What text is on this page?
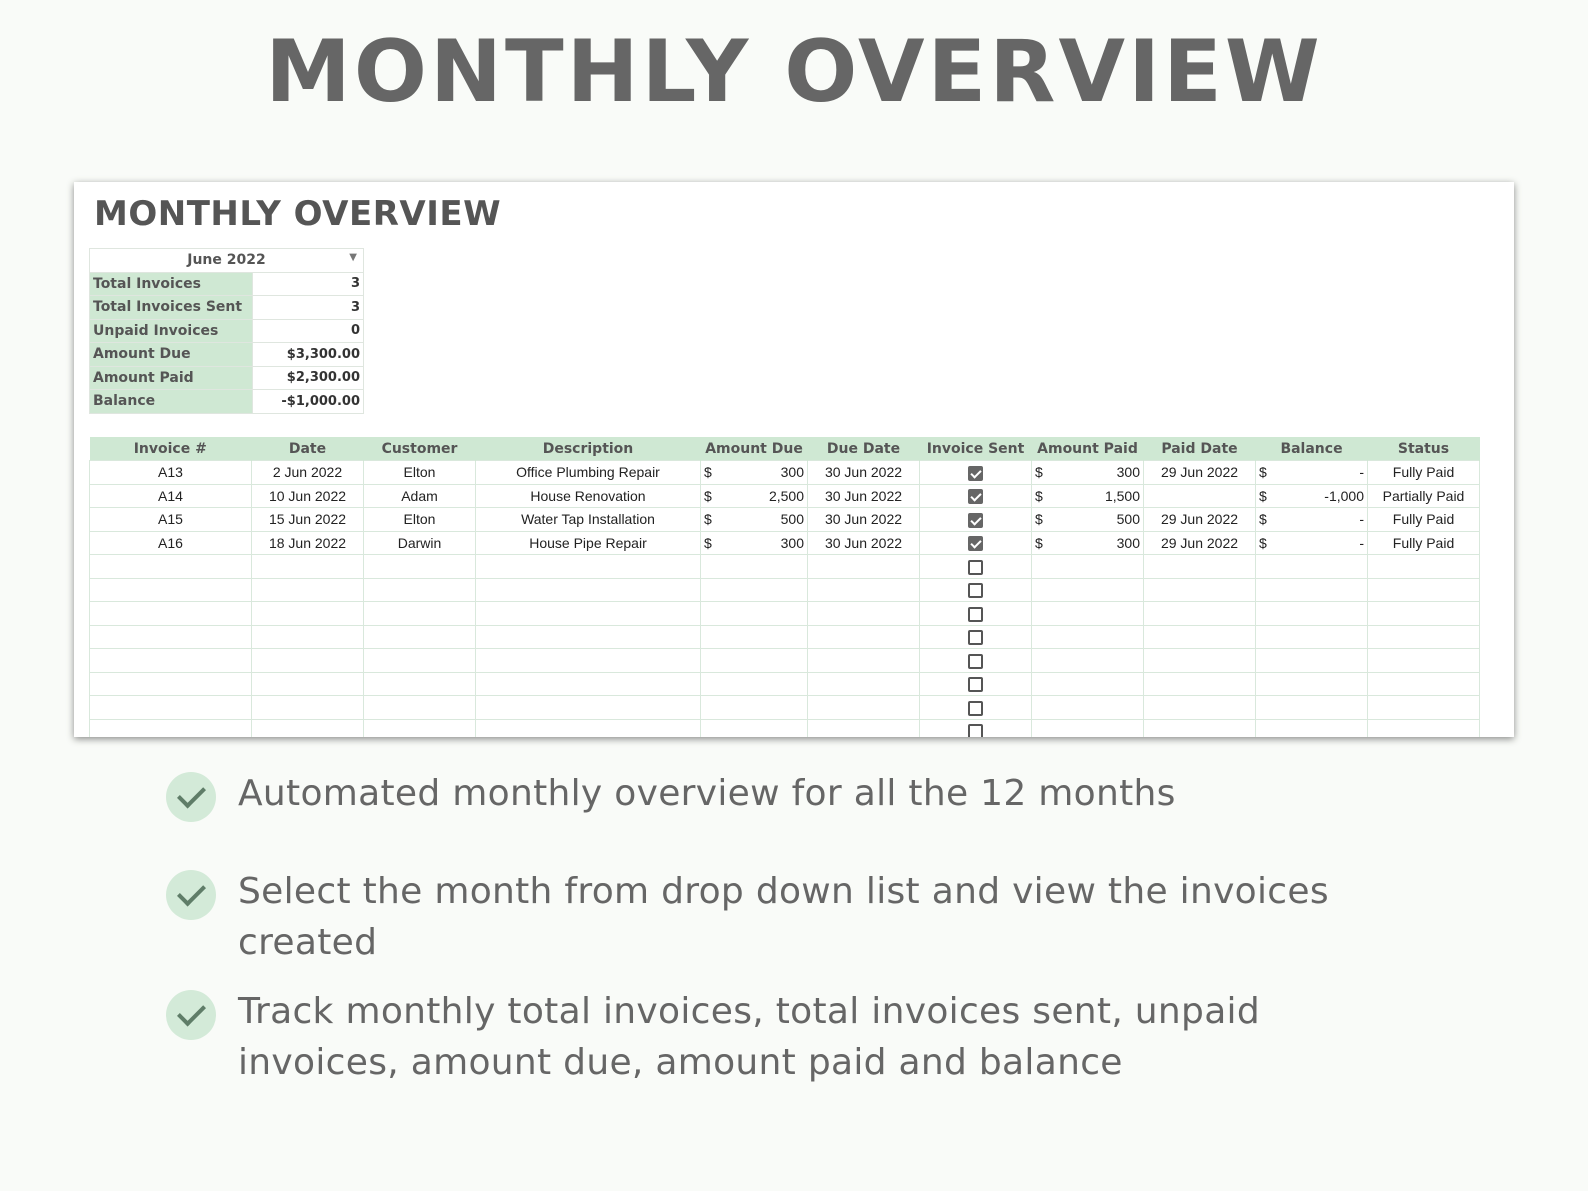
MONTHLY OVERVIEW
MONTHLY OVERVIEW
June 2022 ▼	

Total Invoices	3
Total Invoices Sent	3
Unpaid Invoices	0
Amount Due	$3,300.00
Amount Paid	$2,300.00
Balance	-$1,000.00
Invoice #	Date	Customer	Description	Amount Due	Due Date	Invoice Sent	Amount Paid	Paid Date	Balance	Status
A13	2 Jun 2022	Elton	Office Plumbing Repair	$ 300	30 Jun 2022		$ 300	29 Jun 2022	$ -	Fully Paid
A14	10 Jun 2022	Adam	House Renovation	$ 2,500	30 Jun 2022		$ 1,500		$ -1,000	Partially Paid
A15	15 Jun 2022	Elton	Water Tap Installation	$ 500	30 Jun 2022		$ 500	29 Jun 2022	$ -	Fully Paid
A16	18 Jun 2022	Darwin	House Pipe Repair	$ 300	30 Jun 2022		$ 300	29 Jun 2022	$ -	Fully Paid

Automated monthly overview for all the 12 months
Select the month from drop down list and view the invoices created
Track monthly total invoices, total invoices sent, unpaid invoices, amount due, amount paid and balance
